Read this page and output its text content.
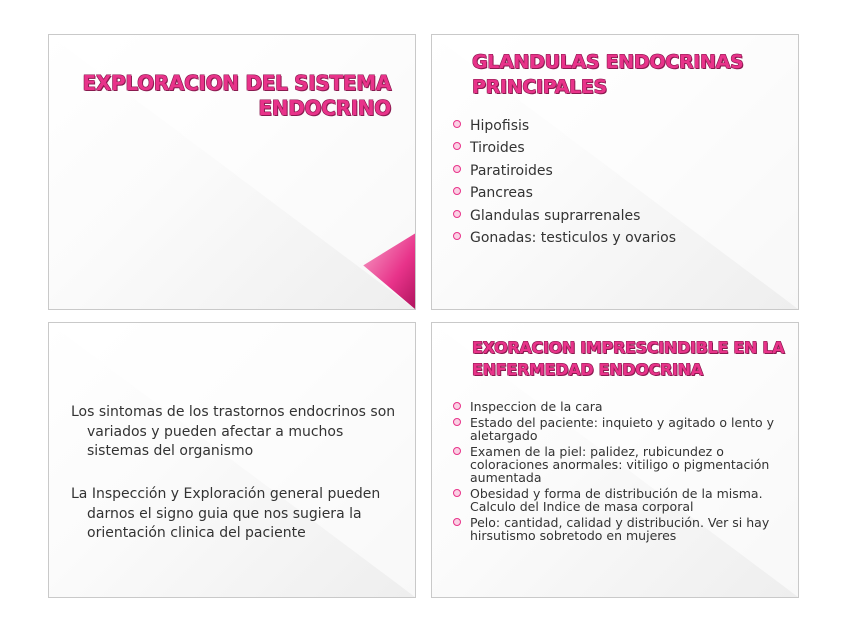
EXPLORACION DEL SISTEMA ENDOCRINO
GLANDULAS ENDOCRINAS PRINCIPALES
Hipofisis
Tiroides
Paratiroides
Pancreas
Glandulas suprarrenales
Gonadas: testiculos y ovarios
Los sintomas de los trastornos endocrinos son variados y pueden afectar a muchos sistemas del organismo
La Inspección y Exploración general pueden darnos el signo guia que nos sugiera la orientación clinica del paciente
EXORACION IMPRESCINDIBLE EN LA ENFERMEDAD ENDOCRINA
Inspeccion de la cara
Estado del paciente: inquieto y agitado o lento y aletargado
Examen de la piel: palidez, rubicundez o coloraciones anormales: vitiligo o pigmentación aumentada
Obesidad y forma de distribución de la misma.    Calculo del Indice de masa corporal
Pelo: cantidad, calidad y distribución. Ver si hay hirsutismo sobretodo en mujeres
